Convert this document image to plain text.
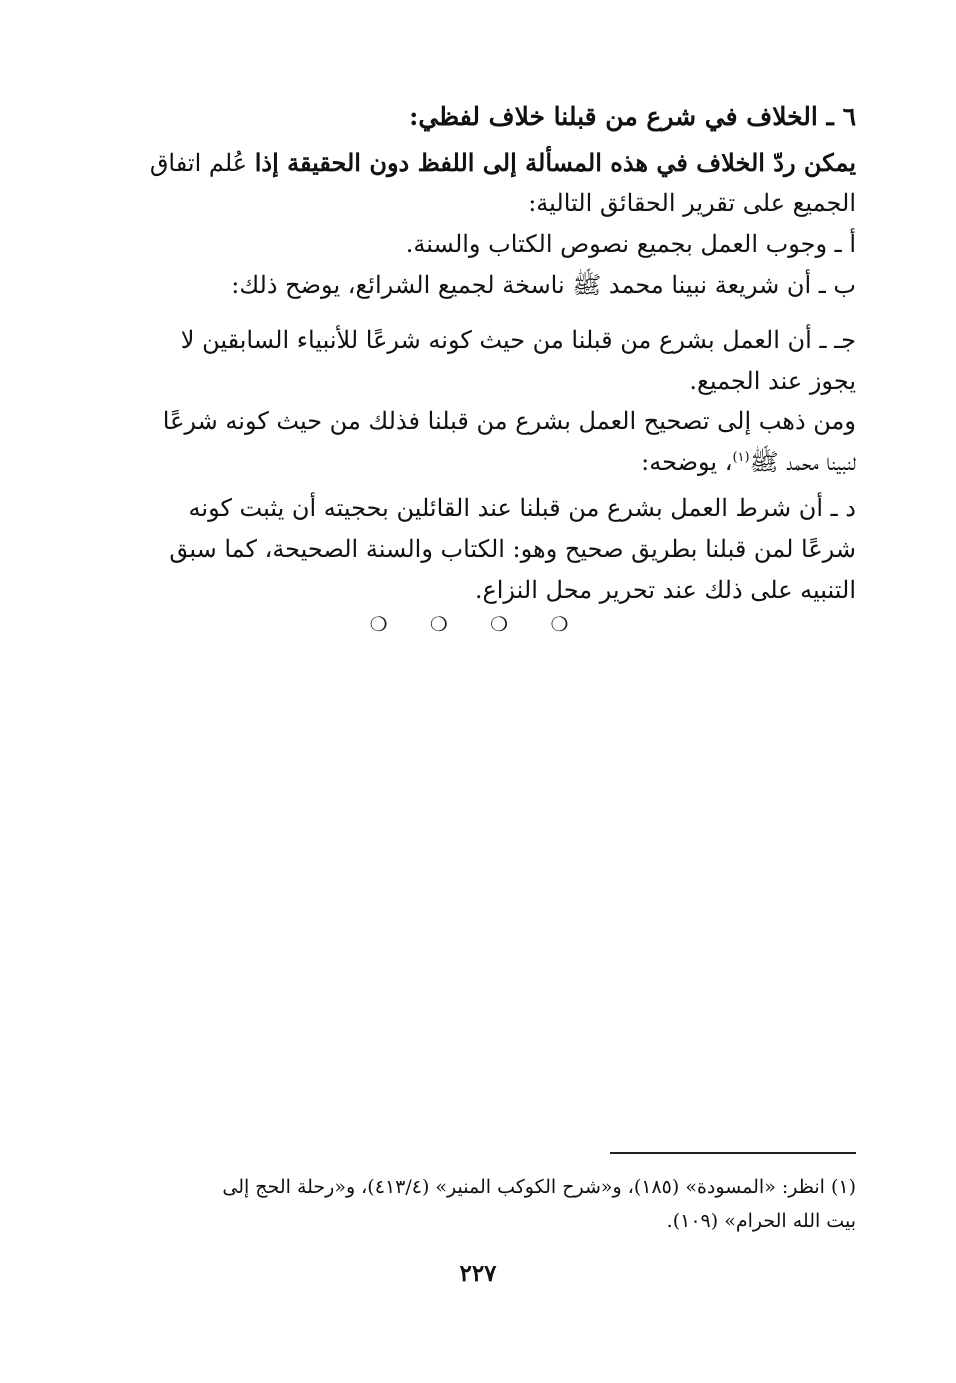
٦ ـ الخلاف في شرع من قبلنا خلاف لفظي:
يمكن ردّ الخلاف في هذه المسألة إلى اللفظ دون الحقيقة إذا عُلم اتفاق
الجميع على تقرير الحقائق التالية:
أ ـ وجوب العمل بجميع نصوص الكتاب والسنة.
ب ـ أن شريعة نبينا محمد ﷺ ناسخة لجميع الشرائع، يوضح ذلك:
جـ ـ أن العمل بشرع من قبلنا من حيث كونه شرعًا للأنبياء السابقين لا
يجوز عند الجميع.
ومن ذهب إلى تصحيح العمل بشرع من قبلنا فذلك من حيث كونه شرعًا
لنبينا محمد ﷺ$^{(١)}$، يوضحه:
د ـ أن شرط العمل بشرع من قبلنا عند القائلين بحجيته أن يثبت كونه
شرعًا لمن قبلنا بطريق صحيح وهو: الكتاب والسنة الصحيحة، كما سبق
التنبيه على ذلك عند تحرير محل النزاع.
❍ ❍ ❍ ❍
(١) انظر: «المسودة» (١٨٥)، و«شرح الكوكب المنير» (٤١٣/٤)، و«رحلة الحج إلى
بيت الله الحرام» (١٠٩).
٢٢٧
